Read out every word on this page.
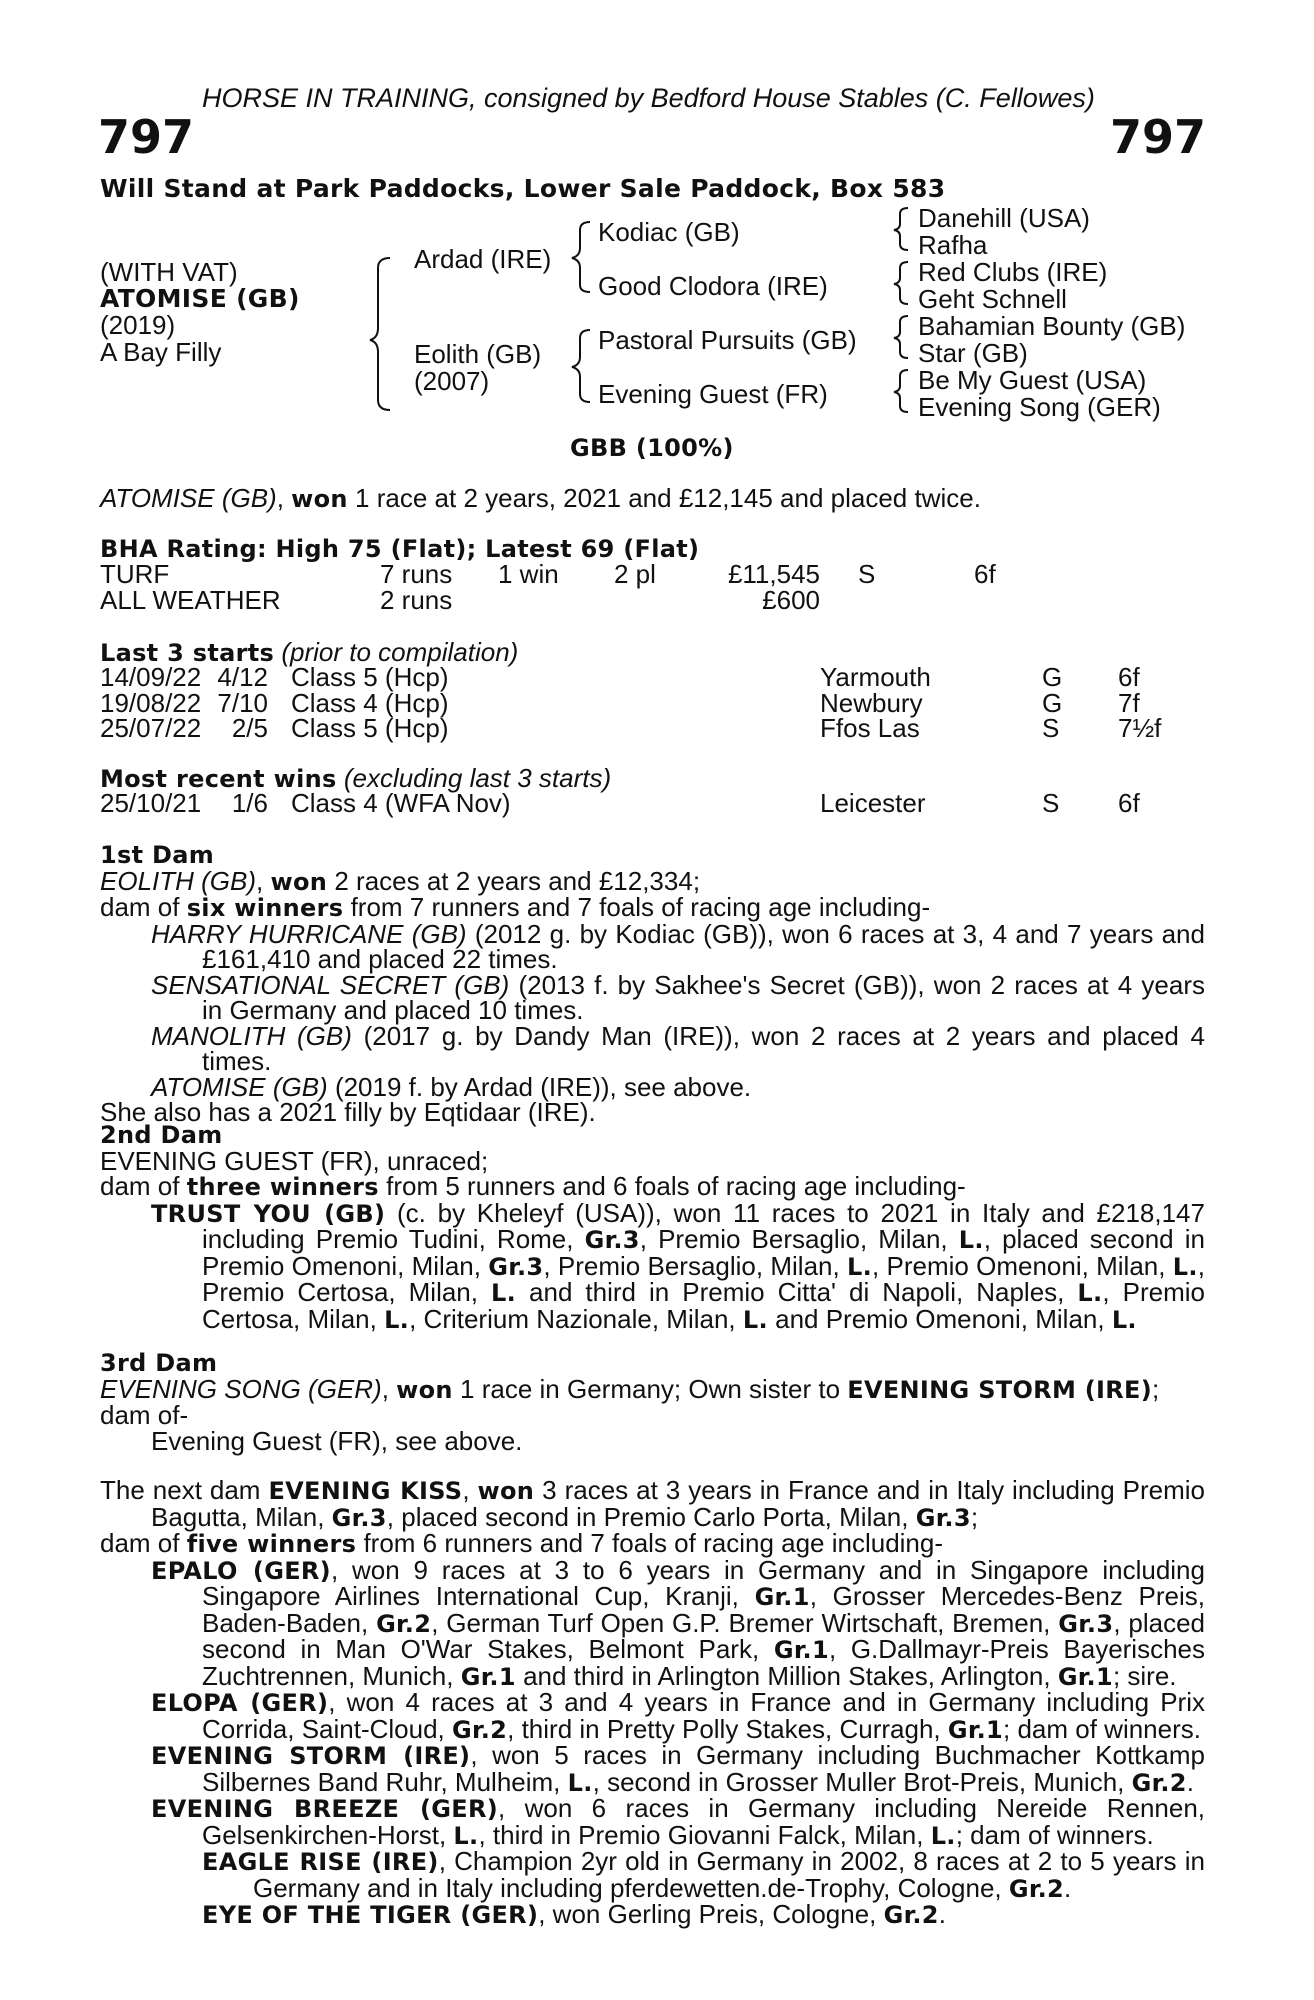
HORSE IN TRAINING, consigned by Bedford House Stables (C. Fellowes)
797	797
Will Stand at Park Paddocks, Lower Sale Paddock, Box 583
(WITH VAT)
ATOMISE (GB)
(2019)
A Bay Filly
Ardad (IRE)
Eolith (GB)
(2007)
Kodiac (GB)
Good Clodora (IRE)
Pastoral Pursuits (GB)
Evening Guest (FR)
Danehill (USA)
Rafha
Red Clubs (IRE)
Geht Schnell
Bahamian Bounty (GB)
Star (GB)
Be My Guest (USA)
Evening Song (GER)
GBB (100%)
ATOMISE (GB), won 1 race at 2 years, 2021 and £12,145 and placed twice.
BHA Rating: High 75 (Flat); Latest 69 (Flat)
TURF	7 runs 1 win 2 pl	£11,545 S	6f
ALL WEATHER	2 runs	£600
Last 3 starts (prior to compilation)
14/09/22 4/12 Class 5 (Hcp)	Yarmouth	G 6f
19/08/22 7/10 Class 4 (Hcp)	Newbury	G 7f
25/07/22	2/5 Class 5 (Hcp)	Ffos Las	S 7½f
Most recent wins (excluding last 3 starts)
25/10/21	1/6 Class 4 (WFA Nov)	Leicester	S 6f
1st Dam
EOLITH (GB), won 2 races at 2 years and £12,334;
dam of six winners from 7 runners and 7 foals of racing age including-
HARRY HURRICANE (GB) (2012 g. by Kodiac (GB)), won 6 races at 3, 4 and 7 years and £161,410 and placed 22 times.
SENSATIONAL SECRET (GB) (2013 f. by Sakhee's Secret (GB)), won 2 races at 4 years in Germany and placed 10 times.
MANOLITH (GB) (2017 g. by Dandy Man (IRE)), won 2 races at 2 years and placed 4 times.
ATOMISE (GB) (2019 f. by Ardad (IRE)), see above.
She also has a 2021 filly by Eqtidaar (IRE).
2nd Dam
EVENING GUEST (FR), unraced;
dam of three winners from 5 runners and 6 foals of racing age including-
TRUST YOU (GB) (c. by Kheleyf (USA)), won 11 races to 2021 in Italy and £218,147 including Premio Tudini, Rome, Gr.3, Premio Bersaglio, Milan, L., placed second in Premio Omenoni, Milan, Gr.3, Premio Bersaglio, Milan, L., Premio Omenoni, Milan, L., Premio Certosa, Milan, L. and third in Premio Citta' di Napoli, Naples, L., Premio Certosa, Milan, L., Criterium Nazionale, Milan, L. and Premio Omenoni, Milan, L.
3rd Dam
EVENING SONG (GER), won 1 race in Germany; Own sister to EVENING STORM (IRE);
dam of-
Evening Guest (FR), see above.
The next dam EVENING KISS, won 3 races at 3 years in France and in Italy including Premio Bagutta, Milan, Gr.3, placed second in Premio Carlo Porta, Milan, Gr.3;
dam of five winners from 6 runners and 7 foals of racing age including-
EPALO (GER), won 9 races at 3 to 6 years in Germany and in Singapore including Singapore Airlines International Cup, Kranji, Gr.1, Grosser Mercedes-Benz Preis, Baden-Baden, Gr.2, German Turf Open G.P. Bremer Wirtschaft, Bremen, Gr.3, placed second in Man O'War Stakes, Belmont Park, Gr.1, G.Dallmayr-Preis Bayerisches Zuchtrennen, Munich, Gr.1 and third in Arlington Million Stakes, Arlington, Gr.1; sire.
ELOPA (GER), won 4 races at 3 and 4 years in France and in Germany including Prix Corrida, Saint-Cloud, Gr.2, third in Pretty Polly Stakes, Curragh, Gr.1; dam of winners.
EVENING STORM (IRE), won 5 races in Germany including Buchmacher Kottkamp Silbernes Band Ruhr, Mulheim, L., second in Grosser Muller Brot-Preis, Munich, Gr.2.
EVENING BREEZE (GER), won 6 races in Germany including Nereide Rennen, Gelsenkirchen-Horst, L., third in Premio Giovanni Falck, Milan, L.; dam of winners.
EAGLE RISE (IRE), Champion 2yr old in Germany in 2002, 8 races at 2 to 5 years in Germany and in Italy including pferdewetten.de-Trophy, Cologne, Gr.2.
EYE OF THE TIGER (GER), won Gerling Preis, Cologne, Gr.2.
